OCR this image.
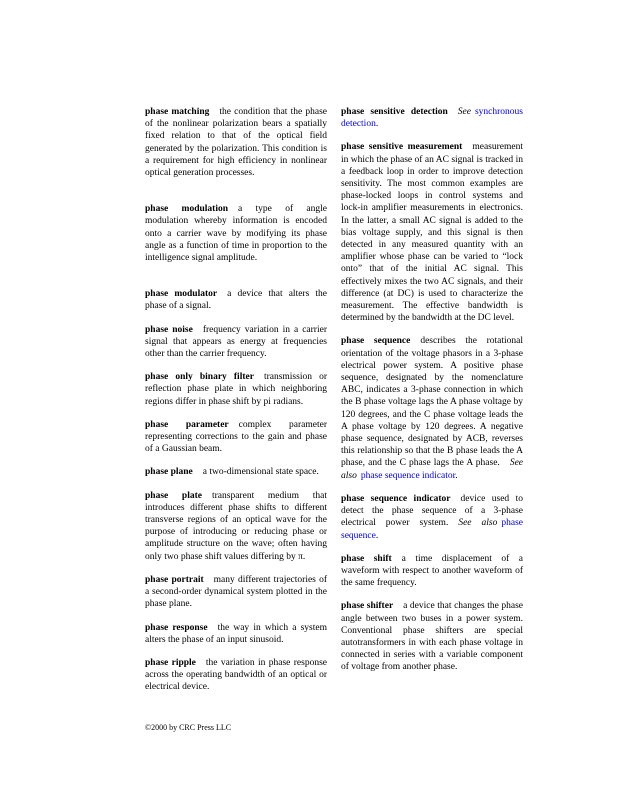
phase matching the condition that the phase of the nonlinear polarization bears a spatially fixed relation to that of the optical field generated by the polarization. This condition is a requirement for high efficiency in nonlinear optical generation processes.

phase modulation a type of angle modulation whereby information is encoded onto a carrier wave by modifying its phase angle as a function of time in proportion to the intelligence signal amplitude.

phase modulator a device that alters the phase of a signal.

phase noise frequency variation in a carrier signal that appears as energy at frequencies other than the carrier frequency.

phase only binary filter transmission or reflection phase plate in which neighboring regions differ in phase shift by pi radians.

phase parameter complex parameter representing corrections to the gain and phase of a Gaussian beam.

phase plane a two-dimensional state space.

phase plate transparent medium that introduces different phase shifts to different transverse regions of an optical wave for the purpose of introducing or reducing phase or amplitude structure on the wave; often having only two phase shift values differing by π.

phase portrait many different trajectories of a second-order dynamical system plotted in the phase plane.

phase response the way in which a system alters the phase of an input sinusoid.

phase ripple the variation in phase response across the operating bandwidth of an optical or electrical device.

phase sensitive detection See synchronous detection.

phase sensitive measurement measurement in which the phase of an AC signal is tracked in a feedback loop in order to improve detection sensitivity. The most common examples are phase-locked loops in control systems and lock-in amplifier measurements in electronics. In the latter, a small AC signal is added to the bias voltage supply, and this signal is then detected in any measured quantity with an amplifier whose phase can be varied to “lock onto” that of the initial AC signal. This effectively mixes the two AC signals, and their difference (at DC) is used to characterize the measurement. The effective bandwidth is determined by the bandwidth at the DC level.

phase sequence describes the rotational orientation of the voltage phasors in a 3-phase electrical power system. A positive phase sequence, designated by the nomenclature ABC, indicates a 3-phase connection in which the B phase voltage lags the A phase voltage by 120 degrees, and the C phase voltage leads the A phase voltage by 120 degrees. A negative phase sequence, designated by ACB, reverses this relationship so that the B phase leads the A phase, and the C phase lags the A phase. See also phase sequence indicator.

phase sequence indicator device used to detect the phase sequence of a 3-phase electrical power system. See also phase sequence.

phase shift a time displacement of a waveform with respect to another waveform of the same frequency.

phase shifter a device that changes the phase angle between two buses in a power system. Conventional phase shifters are special autotransformers in with each phase voltage in connected in series with a variable component of voltage from another phase.

©2000 by CRC Press LLC
